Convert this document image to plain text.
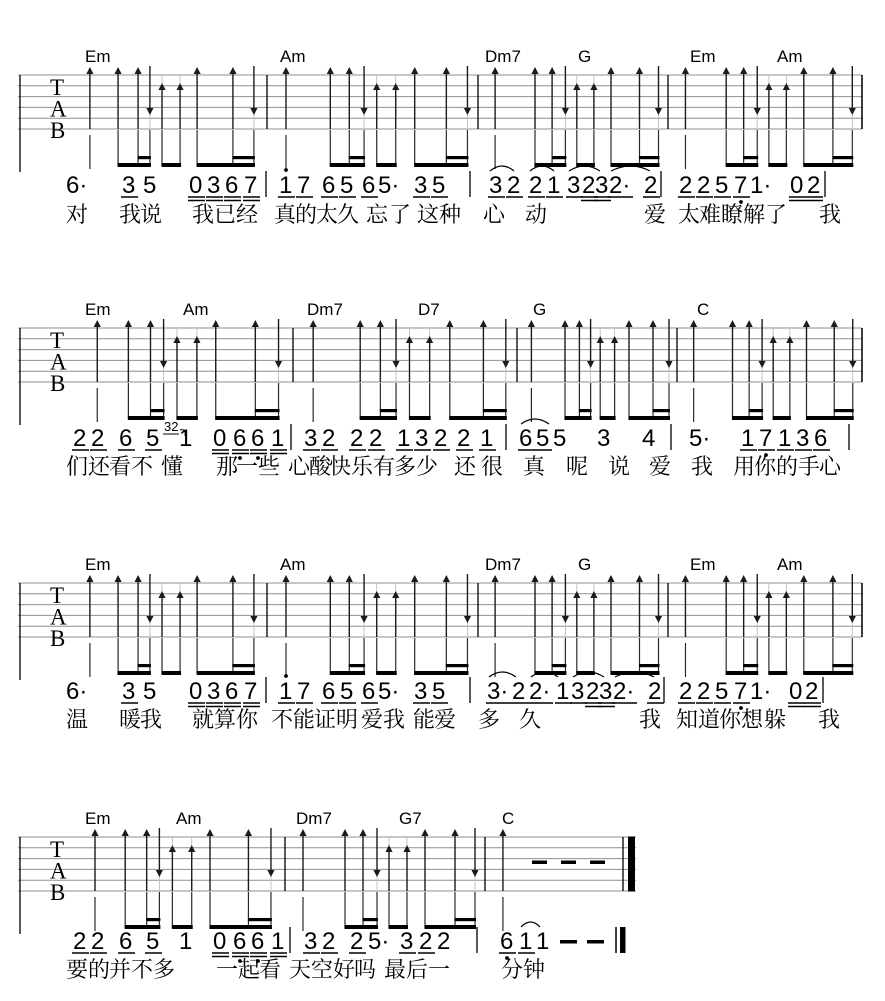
Em	Am	Dm7	G	Em	Am
T
A
B
6· 3 5 0 3 6 7 1 7 6 5 6 5· 3 5 3 2 2 1 3 2 3 2· 2 2 2 5 7 1· 0 2
对 我
说 我 已 经 真
的
太
久 忘 了 这 种 心 动	爱 太
难 瞭 解 了 我
Em	Am	Dm7	D7	G	C
T
A
B
2 2 6 5 32 1 0 6 6 1 3 2 2 2 1 3 2 2 1 6 5 5 3 4 5· 1 7 1 3 6
们 还
看 不 懂 那
一 些 心
酸
快 乐 有
多 少 还 很 真 呢 说 爱 我 用
你 的 手
心
Em	Am	Dm7	G	Em	Am
T
A
B
6· 3 5 0 3 6 7 1 7 6 5 6 5· 3 5 3· 2 2· 1 3 2 3 2· 2 2 2 5 7 1· 0 2
温 暖
我 就 算 你 不 能
证 明 爱 我 能
爱 多 久	我 知 道
你 想 躲 我
Em	Am	Dm7	G7	C
T
A
B
2 2 6 5 1 0 6 6 1 3 2 2 5· 3 2 2 6 1 1
要 的
并 不 多 一 起
看 天 空 好
吗 最 后 一 分 钟
